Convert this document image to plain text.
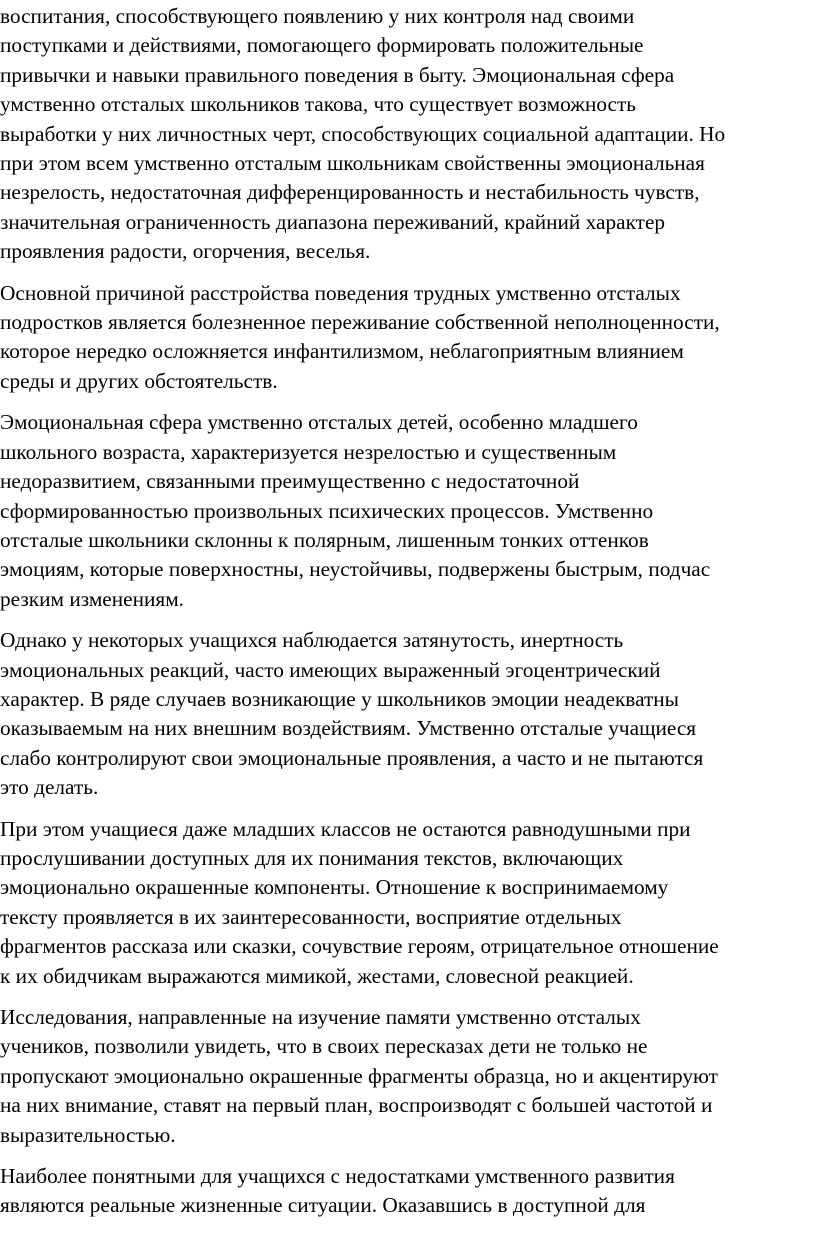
воспитания, способствующего появлению у них контроля над своими
поступками и действиями, помогающего формировать положительные
привычки и навыки правильного поведения в быту. Эмоциональная сфера
умственно отсталых школьников такова, что существует возможность
выработки у них личностных черт, способствующих социальной адаптации. Но
при этом всем умственно отсталым школьникам свойственны эмоциональная
незрелость, недостаточная дифференцированность и нестабильность чувств,
значительная ограниченность диапазона переживаний, крайний характер
проявления радости, огорчения, веселья.

Основной причиной расстройства поведения трудных умственно отсталых
подростков является болезненное переживание собственной неполноценности,
которое нередко осложняется инфантилизмом, неблагоприятным влиянием
среды и других обстоятельств.

Эмоциональная сфера умственно отсталых детей, особенно младшего
школьного возраста, характеризуется незрелостью и существенным
недоразвитием, связанными преимущественно с недостаточной
сформированностью произвольных психических процессов. Умственно
отсталые школьники склонны к полярным, лишенным тонких оттенков
эмоциям, которые поверхностны, неустойчивы, подвержены быстрым, подчас
резким изменениям.

Однако у некоторых учащихся наблюдается затянутость, инертность
эмоциональных реакций, часто имеющих выраженный эгоцентрический
характер. В ряде случаев возникающие у школьников эмоции неадекватны
оказываемым на них внешним воздействиям. Умственно отсталые учащиеся
слабо контролируют свои эмоциональные проявления, а часто и не пытаются
это делать.

При этом учащиеся даже младших классов не остаются равнодушными при
прослушивании доступных для их понимания текстов, включающих
эмоционально окрашенные компоненты. Отношение к воспринимаемому
тексту проявляется в их заинтересованности, восприятие отдельных
фрагментов рассказа или сказки, сочувствие героям, отрицательное отношение
к их обидчикам выражаются мимикой, жестами, словесной реакцией.

Исследования, направленные на изучение памяти умственно отсталых
учеников, позволили увидеть, что в своих пересказах дети не только не
пропускают эмоционально окрашенные фрагменты образца, но и акцентируют
на них внимание, ставят на первый план, воспроизводят с большей частотой и
выразительностью.

Наиболее понятными для учащихся с недостатками умственного развития
являются реальные жизненные ситуации. Оказавшись в доступной для
